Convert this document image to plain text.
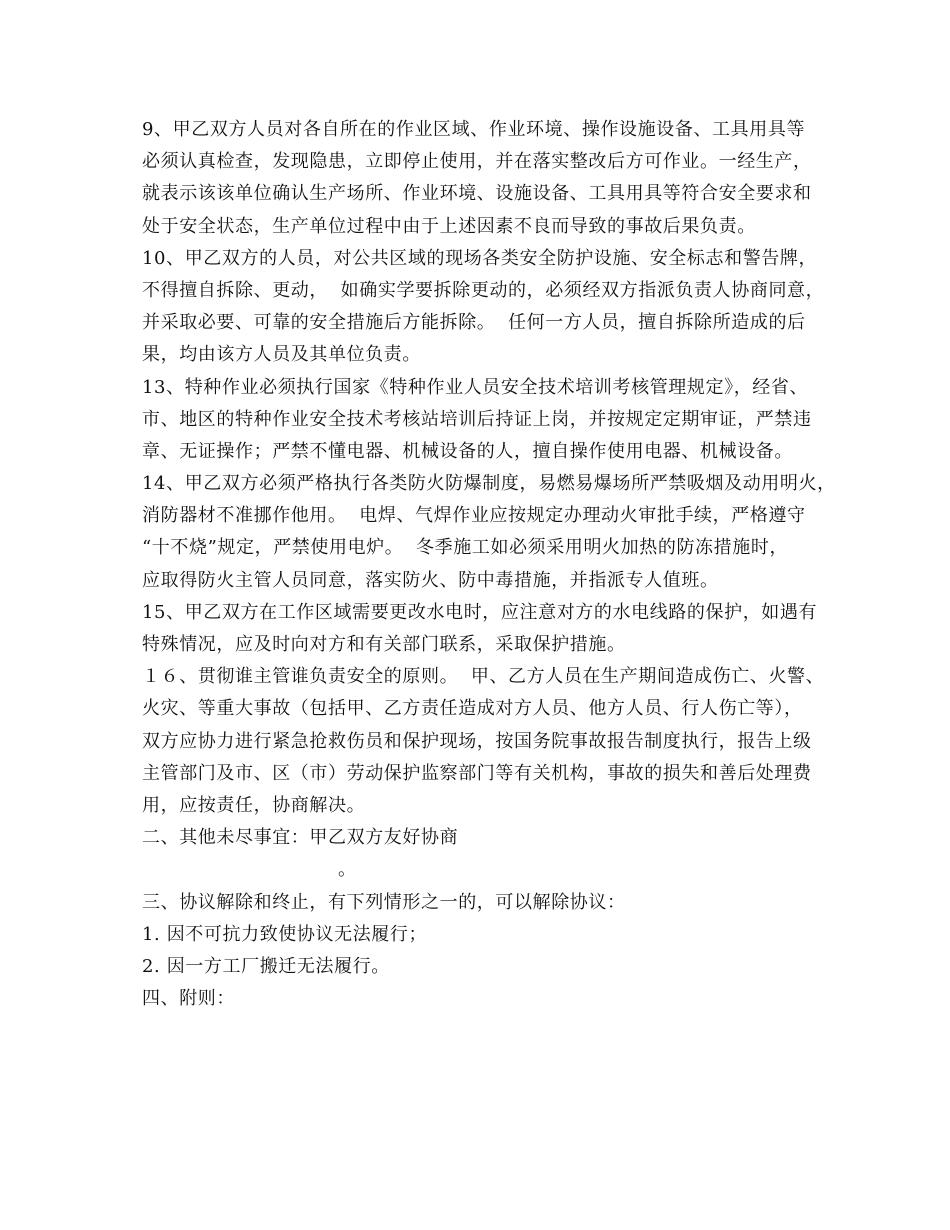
9、甲乙双方人员对各自所在的作业区域、作业环境、操作设施设备、工具用具等
必须认真检查，发现隐患，立即停止使用，并在落实整改后方可作业。一经生产，
就表示该该单位确认生产场所、作业环境、设施设备、工具用具等符合安全要求和
处于安全状态，生产单位过程中由于上述因素不良而导致的事故后果负责。
10、甲乙双方的人员，对公共区域的现场各类安全防护设施、安全标志和警告牌，
不得擅自拆除、更动，  如确实学要拆除更动的，必须经双方指派负责人协商同意，
并采取必要、可靠的安全措施后方能拆除。  任何一方人员，擅自拆除所造成的后
果，均由该方人员及其单位负责。
13、特种作业必须执行国家《特种作业人员安全技术培训考核管理规定》，经省、
市、地区的特种作业安全技术考核站培训后持证上岗，并按规定定期审证，严禁违
章、无证操作；严禁不懂电器、机械设备的人，擅自操作使用电器、机械设备。
14、甲乙双方必须严格执行各类防火防爆制度，易燃易爆场所严禁吸烟及动用明火，
消防器材不准挪作他用。  电焊、气焊作业应按规定办理动火审批手续，严格遵守
“十不烧”规定，严禁使用电炉。  冬季施工如必须采用明火加热的防冻措施时，
应取得防火主管人员同意，落实防火、防中毒措施，并指派专人值班。
15、甲乙双方在工作区域需要更改水电时，应注意对方的水电线路的保护，如遇有
特殊情况，应及时向对方和有关部门联系，采取保护措施。
１６、贯彻谁主管谁负责安全的原则。  甲、乙方人员在生产期间造成伤亡、火警、
火灾、等重大事故（包括甲、乙方责任造成对方人员、他方人员、行人伤亡等），
双方应协力进行紧急抢救伤员和保护现场，按国务院事故报告制度执行，报告上级
主管部门及市、区（市）劳动保护监察部门等有关机构，事故的损失和善后处理费
用，应按责任，协商解决。
二、其他未尽事宜：甲乙双方友好协商
。
三、协议解除和终止，有下列情形之一的，可以解除协议：
1. 因不可抗力致使协议无法履行；
2. 因一方工厂搬迁无法履行。
四、附则：
